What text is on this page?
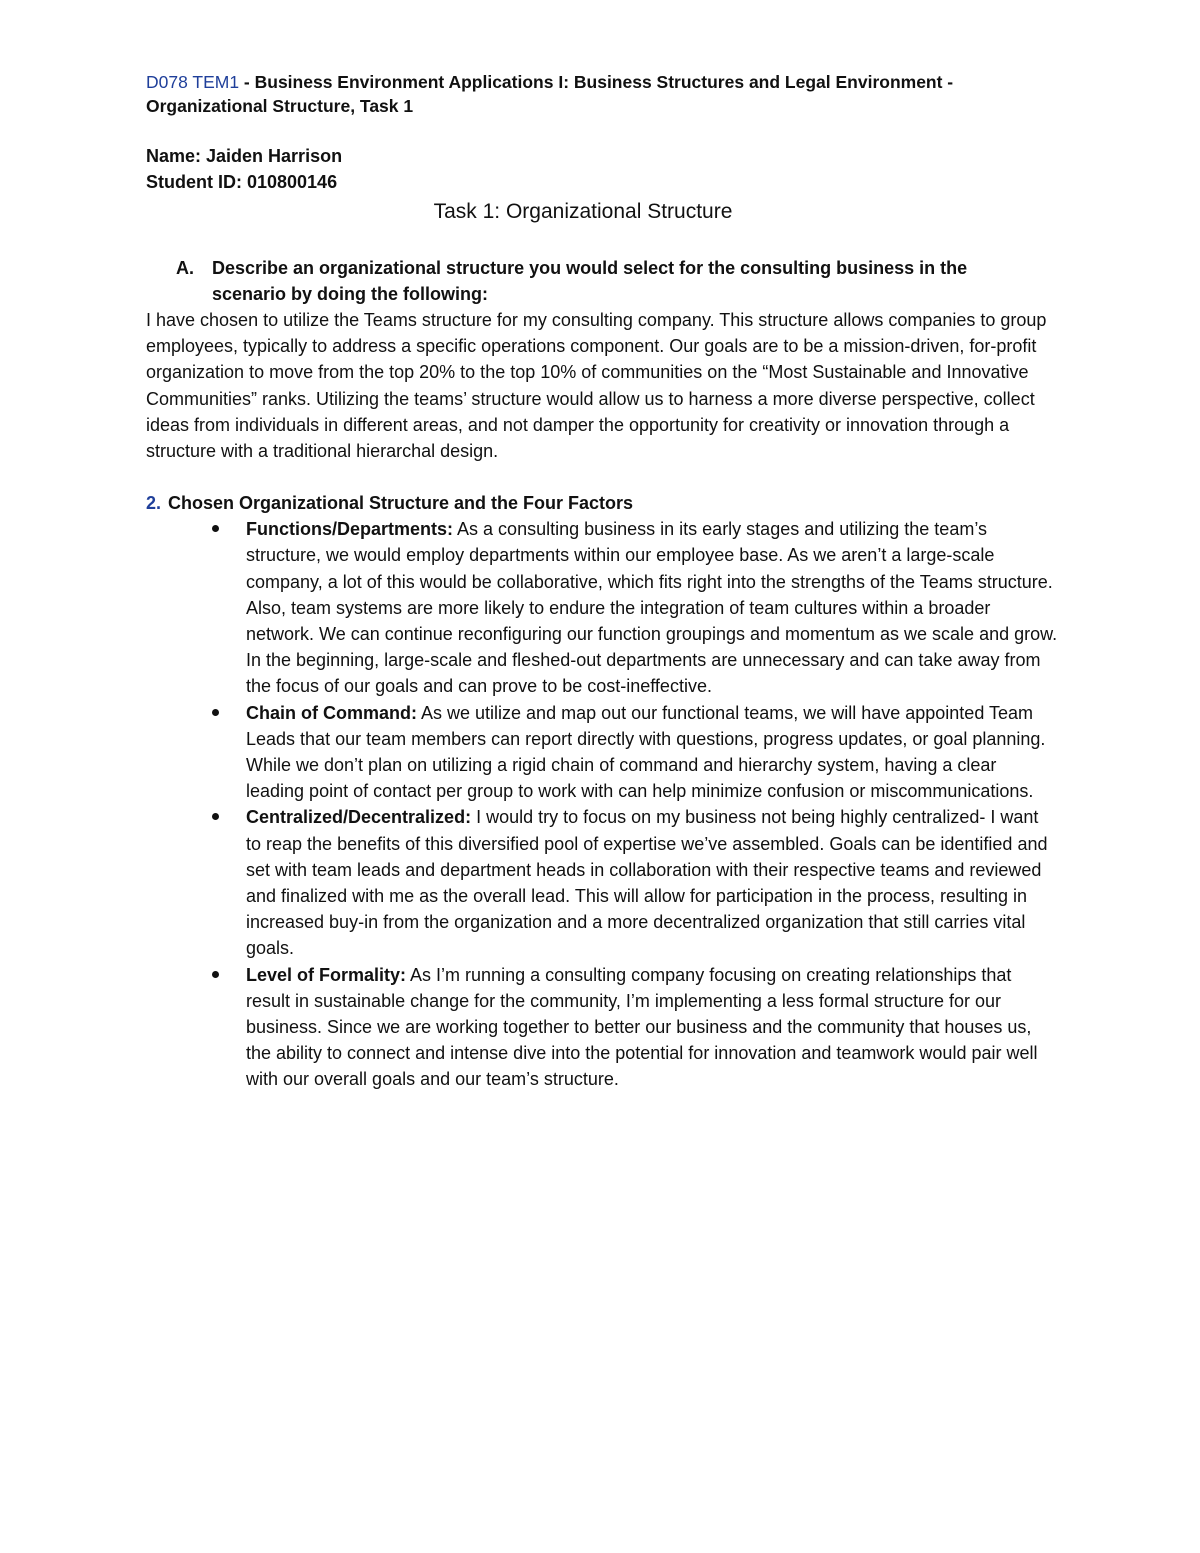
D078 TEM1 - Business Environment Applications I: Business Structures and Legal Environment - Organizational Structure, Task 1

Name: Jaiden Harrison
Student ID: 010800146
Task 1: Organizational Structure
A.	Describe an organizational structure you would select for the consulting business in the scenario by doing the following:

I have chosen to utilize the Teams structure for my consulting company. This structure allows companies to group employees, typically to address a specific operations component. Our goals are to be a mission-driven, for-profit organization to move from the top 20% to the top 10% of communities on the “Most Sustainable and Innovative Communities” ranks. Utilizing the teams’ structure would allow us to harness a more diverse perspective, collect ideas from individuals in different areas, and not damper the opportunity for creativity or innovation through a structure with a traditional hierarchal design.

2. Chosen Organizational Structure and the Four Factors
Functions/Departments: As a consulting business in its early stages and utilizing the team’s structure, we would employ departments within our employee base. As we aren’t a large-scale company, a lot of this would be collaborative, which fits right into the strengths of the Teams structure. Also, team systems are more likely to endure the integration of team cultures within a broader network. We can continue reconfiguring our function groupings and momentum as we scale and grow. In the beginning, large-scale and fleshed-out departments are unnecessary and can take away from the focus of our goals and can prove to be cost-ineffective.
Chain of Command: As we utilize and map out our functional teams, we will have appointed Team Leads that our team members can report directly with questions, progress updates, or goal planning. While we don’t plan on utilizing a rigid chain of command and hierarchy system, having a clear leading point of contact per group to work with can help minimize confusion or miscommunications.
Centralized/Decentralized: I would try to focus on my business not being highly centralized- I want to reap the benefits of this diversified pool of expertise we’ve assembled. Goals can be identified and set with team leads and department heads in collaboration with their respective teams and reviewed and finalized with me as the overall lead. This will allow for participation in the process, resulting in increased buy-in from the organization and a more decentralized organization that still carries vital goals.
Level of Formality: As I’m running a consulting company focusing on creating relationships that result in sustainable change for the community, I’m implementing a less formal structure for our business. Since we are working together to better our business and the community that houses us, the ability to connect and intense dive into the potential for innovation and teamwork would pair well with our overall goals and our team’s structure.
